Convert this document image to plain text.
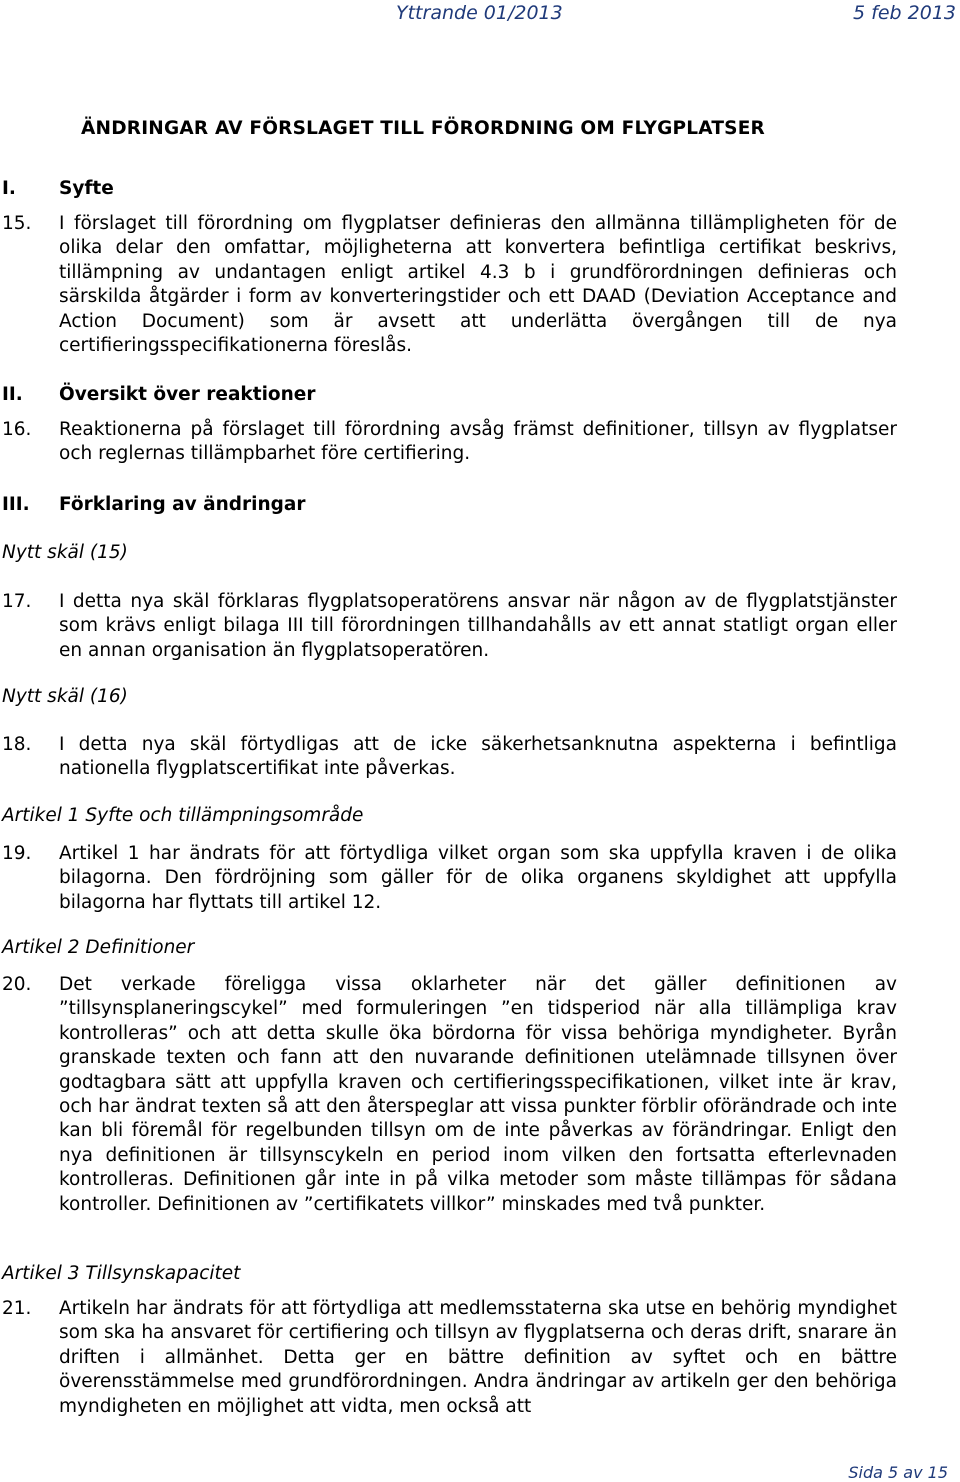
Yttrande 01/2013	5 feb 2013
ÄNDRINGAR AV FÖRSLAGET TILL FÖRORDNING OM FLYGPLATSER
I. Syfte
15. I förslaget till förordning om flygplatser definieras den allmänna tillämpligheten för de olika delar den omfattar, möjligheterna att konvertera befintliga certifikat beskrivs, tillämpning av undantagen enligt artikel 4.3 b i grundförordningen definieras och särskilda åtgärder i form av konverteringstider och ett DAAD (Deviation Acceptance and Action Document) som är avsett att underlätta övergången till de nya certifieringsspecifikationerna föreslås.
II. Översikt över reaktioner
16. Reaktionerna på förslaget till förordning avsåg främst definitioner, tillsyn av flygplatser och reglernas tillämpbarhet före certifiering.
III. Förklaring av ändringar
Nytt skäl (15)
17. I detta nya skäl förklaras flygplatsoperatörens ansvar när någon av de flygplatstjänster som krävs enligt bilaga III till förordningen tillhandahålls av ett annat statligt organ eller en annan organisation än flygplatsoperatören.
Nytt skäl (16)
18. I detta nya skäl förtydligas att de icke säkerhetsanknutna aspekterna i befintliga nationella flygplatscertifikat inte påverkas.
Artikel 1 Syfte och tillämpningsområde
19. Artikel 1 har ändrats för att förtydliga vilket organ som ska uppfylla kraven i de olika bilagorna. Den fördröjning som gäller för de olika organens skyldighet att uppfylla bilagorna har flyttats till artikel 12.
Artikel 2 Definitioner
20. Det verkade föreligga vissa oklarheter när det gäller definitionen av ”tillsynsplaneringscykel” med formuleringen ”en tidsperiod när alla tillämpliga krav kontrolleras” och att detta skulle öka bördorna för vissa behöriga myndigheter. Byrån granskade texten och fann att den nuvarande definitionen utelämnade tillsynen över godtagbara sätt att uppfylla kraven och certifieringsspecifikationen, vilket inte är krav, och har ändrat texten så att den återspeglar att vissa punkter förblir oförändrade och inte kan bli föremål för regelbunden tillsyn om de inte påverkas av förändringar. Enligt den nya definitionen är tillsynscykeln en period inom vilken den fortsatta efterlevnaden kontrolleras. Definitionen går inte in på vilka metoder som måste tillämpas för sådana kontroller. Definitionen av ”certifikatets villkor” minskades med två punkter.
Artikel 3 Tillsynskapacitet
21. Artikeln har ändrats för att förtydliga att medlemsstaterna ska utse en behörig myndighet som ska ha ansvaret för certifiering och tillsyn av flygplatserna och deras drift, snarare än driften i allmänhet. Detta ger en bättre definition av syftet och en bättre överensstämmelse med grundförordningen. Andra ändringar av artikeln ger den behöriga myndigheten en möjlighet att vidta, men också att
Sida 5 av 15
